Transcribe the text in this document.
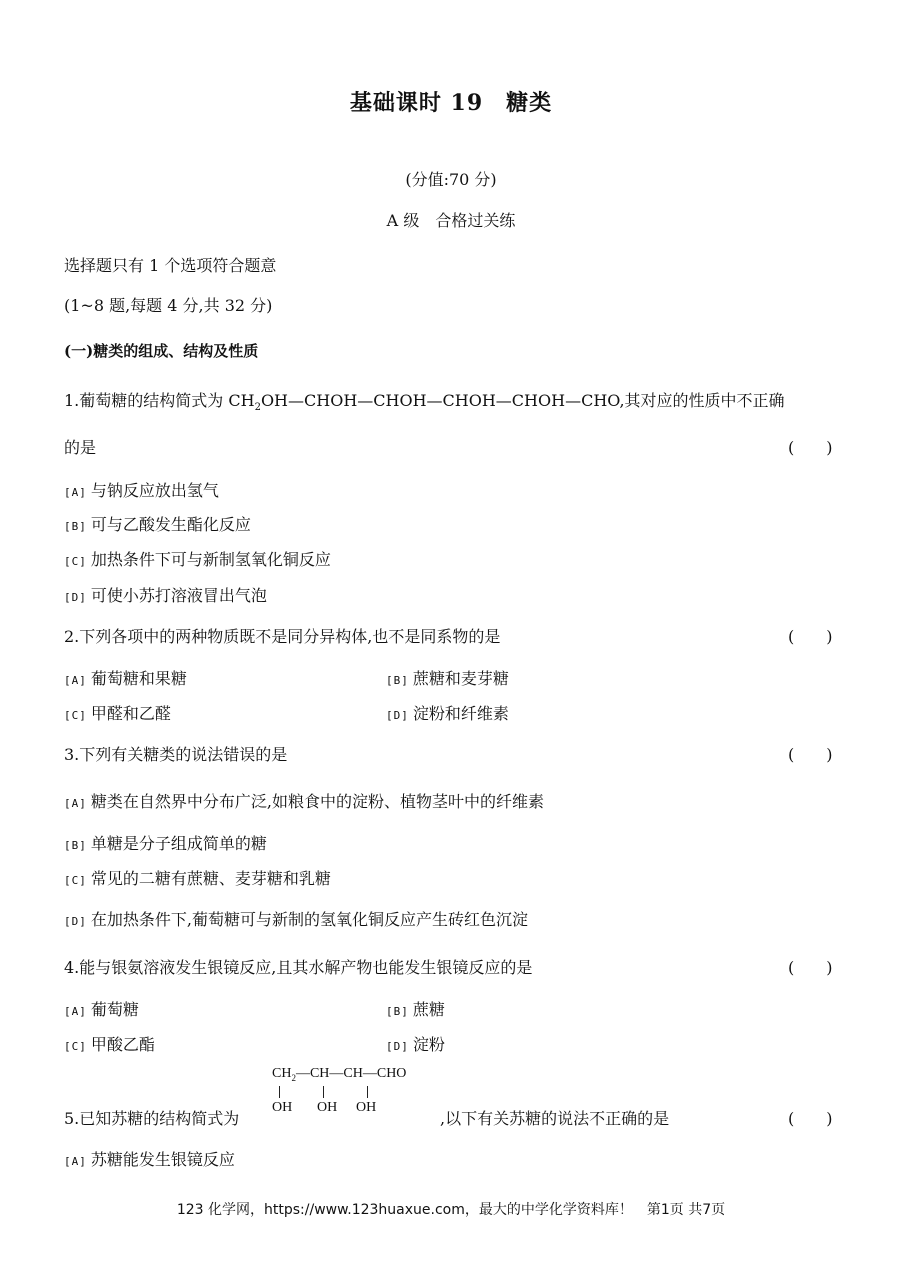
基础课时 19　糖类
(分值:70 分)
A 级　合格过关练
选择题只有 1 个选项符合题意
(1~8 题,每题 4 分,共 32 分)
(一)糖类的组成、结构及性质
1.葡萄糖的结构简式为 $CH_2OH—CHOH—CHOH—CHOH—CHOH—CHO$,其对应的性质中不正确
的是	(　　)
[A] 与钠反应放出氢气
[B] 可与乙酸发生酯化反应
[C] 加热条件下可与新制氢氧化铜反应
[D] 可使小苏打溶液冒出气泡
2.下列各项中的两种物质既不是同分异构体,也不是同系物的是	(　　)
[A] 葡萄糖和果糖	[B] 蔗糖和麦芽糖
[C] 甲醛和乙醛	[D] 淀粉和纤维素
3.下列有关糖类的说法错误的是	(　　)
[A] 糖类在自然界中分布广泛,如粮食中的淀粉、植物茎叶中的纤维素
[B] 单糖是分子组成简单的糖
[C] 常见的二糖有蔗糖、麦芽糖和乳糖
[D] 在加热条件下,葡萄糖可与新制的氢氧化铜反应产生砖红色沉淀
4.能与银氨溶液发生银镜反应,且其水解产物也能发生银镜反应的是	(　　)
[A] 葡萄糖	[B] 蔗糖
[C] 甲酸乙酯	[D] 淀粉
$CH_2—CH—CH—CHO$
OH OH OH
5.已知苏糖的结构简式为	,以下有关苏糖的说法不正确的是	(　　)
[A] 苏糖能发生银镜反应
123 化学网，https://www.123huaxue.com，最大的中学化学资料库！　第1页 共7页
